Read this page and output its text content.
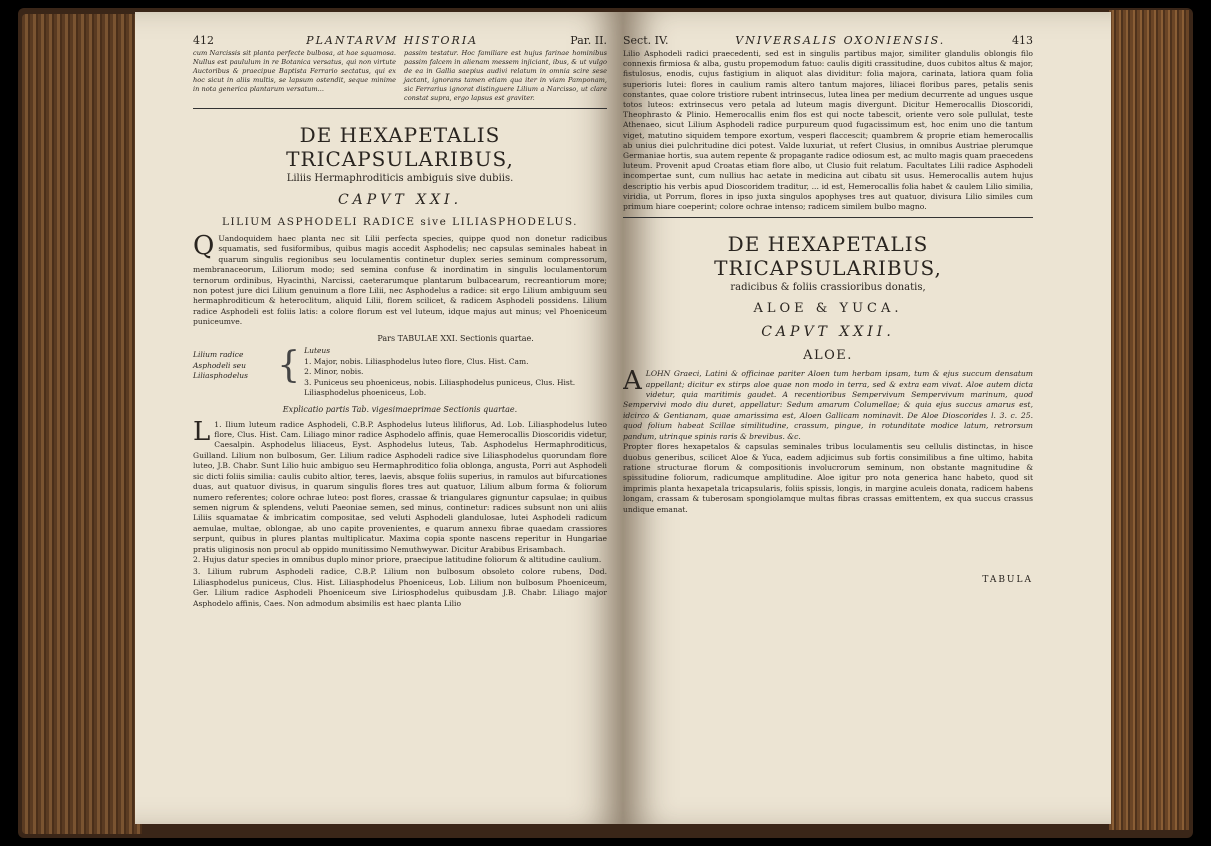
412	PLANTARVM HISTORIA	Par. II.
cum Narcissis sit planta perfecte bulbosa, at hae squamosa. Nullus est paululum in re Botanica versatus, qui non virtute Auctoribus & praecipue Baptista Ferrario sectatus, qui ex hoc sicut in aliis multis, se lapsum ostendit, seque minime in nota generica plantarum versatum...
passim testatur. Hoc familiare est hujus farinae hominibus passim falcem in alienam messem injiciant, ibus, & ut vulgo de ea in Gallia saepius audivi relatum in omnia scire sese jactant, ignorans tamen etiam qua iter in viam Pamponam, sic Ferrarius ignorat distinguere Lilium a Narcisso, ut clare constat supra, ergo lapsus est graviter.
DE HEXAPETALIS TRICAPSULARIBUS,
Liliis Hermaphroditicis ambiguis sive dubiis.
CAPVT XXI.
LILIUM ASPHODELI RADICE sive LILIASPHODELUS.
Q Uandoquidem haec planta nec sit Lilii perfecta species, quippe quod non donetur radicibus squamatis, sed fusiformibus, quibus magis accedit Asphodelis; nec capsulas seminales habeat in quarum singulis regionibus seu loculamentis continetur duplex series seminum compressorum, membranaceorum, Liliorum modo; sed semina confuse & inordinatim in singulis loculamentorum ternorum ordinibus, Hyacinthi, Narcissi, caeterarumque plantarum bulbacearum, recreantiorum more; non potest jure dici Lilium genuinum a flore Lilii, nec Asphodelus a radice: sit ergo Lilium ambiguum seu hermaphroditicum & heteroclitum, aliquid Lilii, florem scilicet, & radicem Asphodeli possidens. Lilium radice Asphodeli est foliis latis: a colore florum est vel luteum, idque majus aut minus; vel Phoeniceum puniceumve.
Lilium radice Asphodeli seu Liliasphodelus {
Pars TABULAE XXI. Sectionis quartae.
Luteus
1. Major, nobis. Liliasphodelus luteo flore, Clus. Hist. Cam.
2. Minor, nobis.
3. Puniceus seu phoeniceus, nobis. Liliasphodelus puniceus, Clus. Hist. Liliasphodelus phoeniceus, Lob.
Explicatio partis Tab. vigesimaeprimae Sectionis quartae.
1.
L Ilium luteum radice Asphodeli, C.B.P. Asphodelus luteus liliflorus, Ad. Lob. Liliasphodelus luteo flore, Clus. Hist. Cam. Liliago minor radice Asphodelo affinis, quae Hemerocallis Dioscoridis videtur, Caesalpin. Asphodelus liliaceus, Eyst. Asphodelus luteus, Tab. Asphodelus Hermaphroditicus, Guilland. Lilium non bulbosum, Ger. Lilium radice Asphodeli radice sive Liliasphodelus quorundam flore luteo, J.B. Chabr. Sunt Lilio huic ambiguo seu Hermaphroditico folia oblonga, angusta, Porri aut Asphodeli sic dicti foliis similia: caulis cubito altior, teres, laevis, absque foliis superius, in ramulos aut bifurcationes duas, aut quatuor divisus, in quarum singulis flores tres aut quatuor, Lilium album forma & foliorum numero referentes; colore ochrae luteo: post flores, crassae & triangulares gignuntur capsulae; in quibus semen nigrum & splendens, veluti Paeoniae semen, sed minus, continetur: radices subsunt non uni aliis Liliis squamatae & imbricatim compositae, sed veluti Asphodeli glandulosae, lutei Asphodeli radicum aemulae, multae, oblongae, ab uno capite provenientes, e quarum annexu fibrae quaedam crassiores serpunt, quibus in plures plantas multiplicatur. Maxima copia sponte nascens reperitur in Hungariae pratis uliginosis non procul ab oppido munitissimo Nemuthwywar. Dicitur Arabibus Erisambach.

2. Hujus datur species in omnibus duplo minor priore, praecipue latitudine foliorum & altitudine caulium.

3. Lilium rubrum Asphodeli radice, C.B.P. Lilium non bulbosum obsoleto colore rubens, Dod. Liliasphodelus puniceus, Clus. Hist. Liliasphodelus Phoeniceus, Lob. Lilium non bulbosum Phoeniceum, Ger. Lilium radice Asphodeli Phoeniceum sive Liriosphodelus quibusdam J.B. Chabr. Liliago major Asphodelo affinis, Caes. Non admodum absimilis est haec planta Lilio

Sect. IV.	VNIVERSALIS OXONIENSIS.	413
Lilio Asphodeli radici praecedenti, sed est in singulis partibus major, similiter glandulis oblongis filo connexis firmiosa & alba, gustu propemodum fatuo: caulis digiti crassitudine, duos cubitos altus & major, fistulosus, enodis, cujus fastigium in aliquot alas dividitur: folia majora, carinata, latiora quam folia superioris lutei: flores in caulium ramis altero tantum majores, liliacei floribus pares, petalis senis constantes, quae colore tristiore rubent intrinsecus, lutea linea per medium decurrente ad ungues usque totos luteos: extrinsecus vero petala ad luteum magis divergunt. Dicitur Hemerocallis Dioscoridi, Theophrasto & Plinio. Hemerocallis enim flos est qui nocte tabescit, oriente vero sole pullulat, teste Athenaeo, sicut Lilium Asphodeli radice purpureum quod fugacissimum est, hoc enim uno die tantum viget, matutino siquidem tempore exortum, vesperi flaccescit; quambrem & proprie etiam hemerocallis ab unius diei pulchritudine dici potest. Valde luxuriat, ut refert Clusius, in omnibus Austriae plerumque Germaniae hortis, sua autem repente & propagante radice odiosum est, ac multo magis quam praecedens luteum. Provenit apud Croatas etiam flore albo, ut Clusio fuit relatum. Facultates Lilii radice Asphodeli incompertae sunt, cum nullius hac aetate in medicina aut cibatu sit usus. Hemerocallis autem hujus descriptio his verbis apud Dioscoridem traditur, ... id est, Hemerocallis folia habet & caulem Lilio similia, viridia, ut Porrum, flores in ipso juxta singulos apophyses tres aut quatuor, divisura Lilio similes cum primum hiare coeperint; colore ochrae intenso; radicem similem bulbo magno.
DE HEXAPETALIS TRICAPSULARIBUS,
radicibus & foliis crassioribus donatis,
ALOE & YUCA.
CAPVT XXII.
ALOE.
A LOHN Graeci, Latini & officinae pariter Aloen tum herbam ipsam, tum & ejus succum densatum appellant; dicitur ex stirps aloe quae non modo in terra, sed & extra eam vivat. Aloe autem dicta videtur, quia maritimis gaudet. A recentioribus Sempervivum Sempervivum marinum, quod Sempervivi modo diu duret, appellatur: Sedum amarum Columellae; & quia ejus succus amarus est, idcirco & Gentianam, quae amarissima est, Aloen Gallicam nominavit. De Aloe Dioscorides l. 3. c. 25. quod folium habeat Scillae similitudine, crassum, pingue, in rotunditate modice latum, retrorsum pandum, utrinque spinis raris & brevibus. &c.

Propter flores hexapetalos & capsulas seminales tribus loculamentis seu cellulis distinctas, in hisce duobus generibus, scilicet Aloe & Yuca, eadem adjicimus sub fortis consimilibus a fine ultimo, habita ratione structurae florum & compositionis involucrorum seminum, non obstante magnitudine & spissitudine foliorum, radicumque amplitudine. Aloe igitur pro nota generica hanc habeto, quod sit imprimis planta hexapetala tricapsularis, foliis spissis, longis, in margine aculeis donata, radicem habens longam, crassam & tuberosam spongiolamque multas fibras crassas emittentem, ex qua succus crassus undique emanat.

TABULA
